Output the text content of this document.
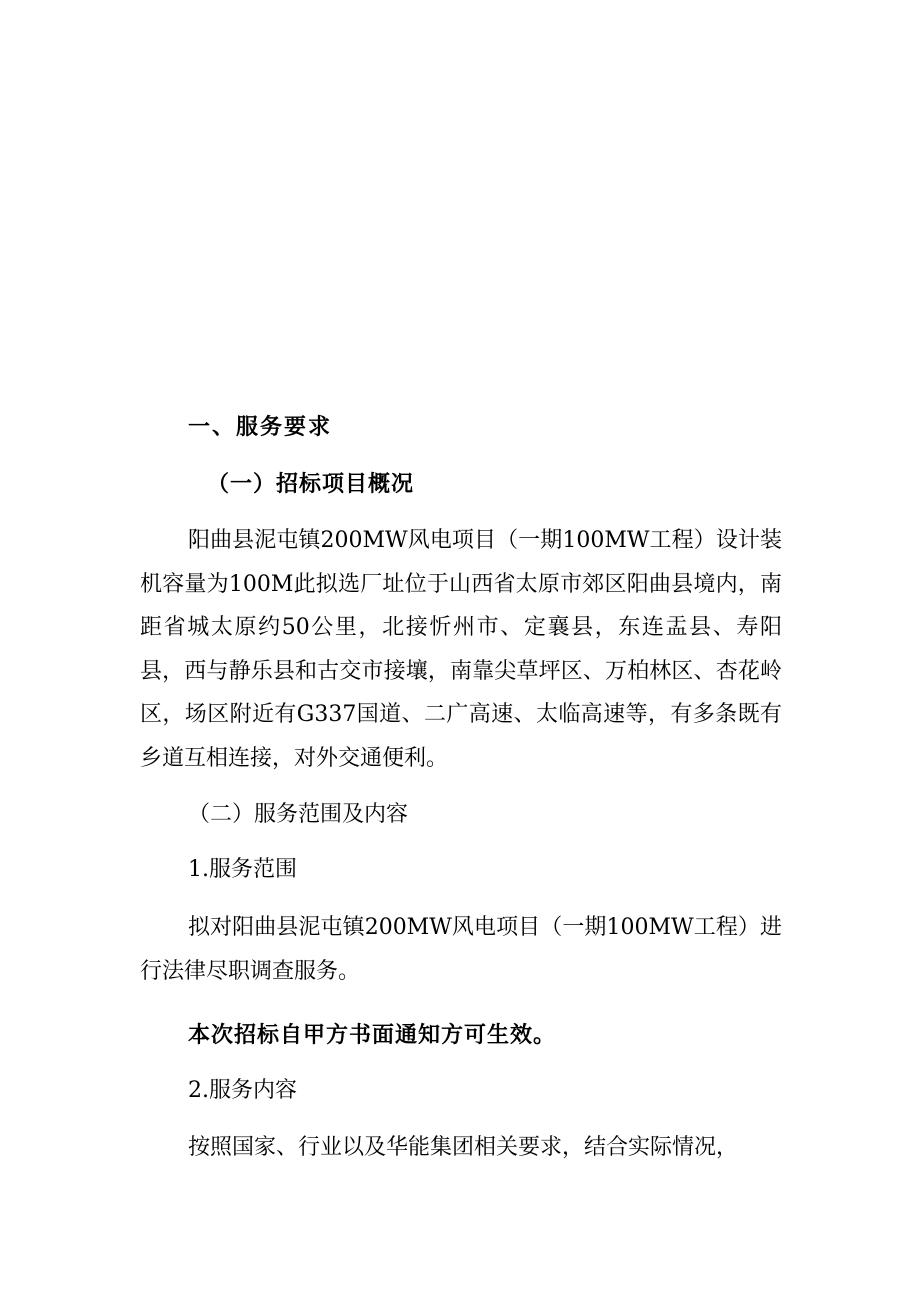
一、服务要求
（一）招标项目概况

阳曲县泥屯镇200MW风电项目（一期100MW工程）设计装机容量为100M此拟选厂址位于山西省太原市郊区阳曲县境内，南距省城太原约50公里，北接忻州市、定襄县，东连盂县、寿阳县，西与静乐县和古交市接壤，南靠尖草坪区、万柏林区、杏花岭区，场区附近有G337国道、二广高速、太临高速等，有多条既有乡道互相连接，对外交通便利。

（二）服务范围及内容
1.服务范围

拟对阳曲县泥屯镇200MW风电项目（一期100MW工程）进行法律尽职调查服务。

本次招标自甲方书面通知方可生效。
2.服务内容
按照国家、行业以及华能集团相关要求，结合实际情况，
